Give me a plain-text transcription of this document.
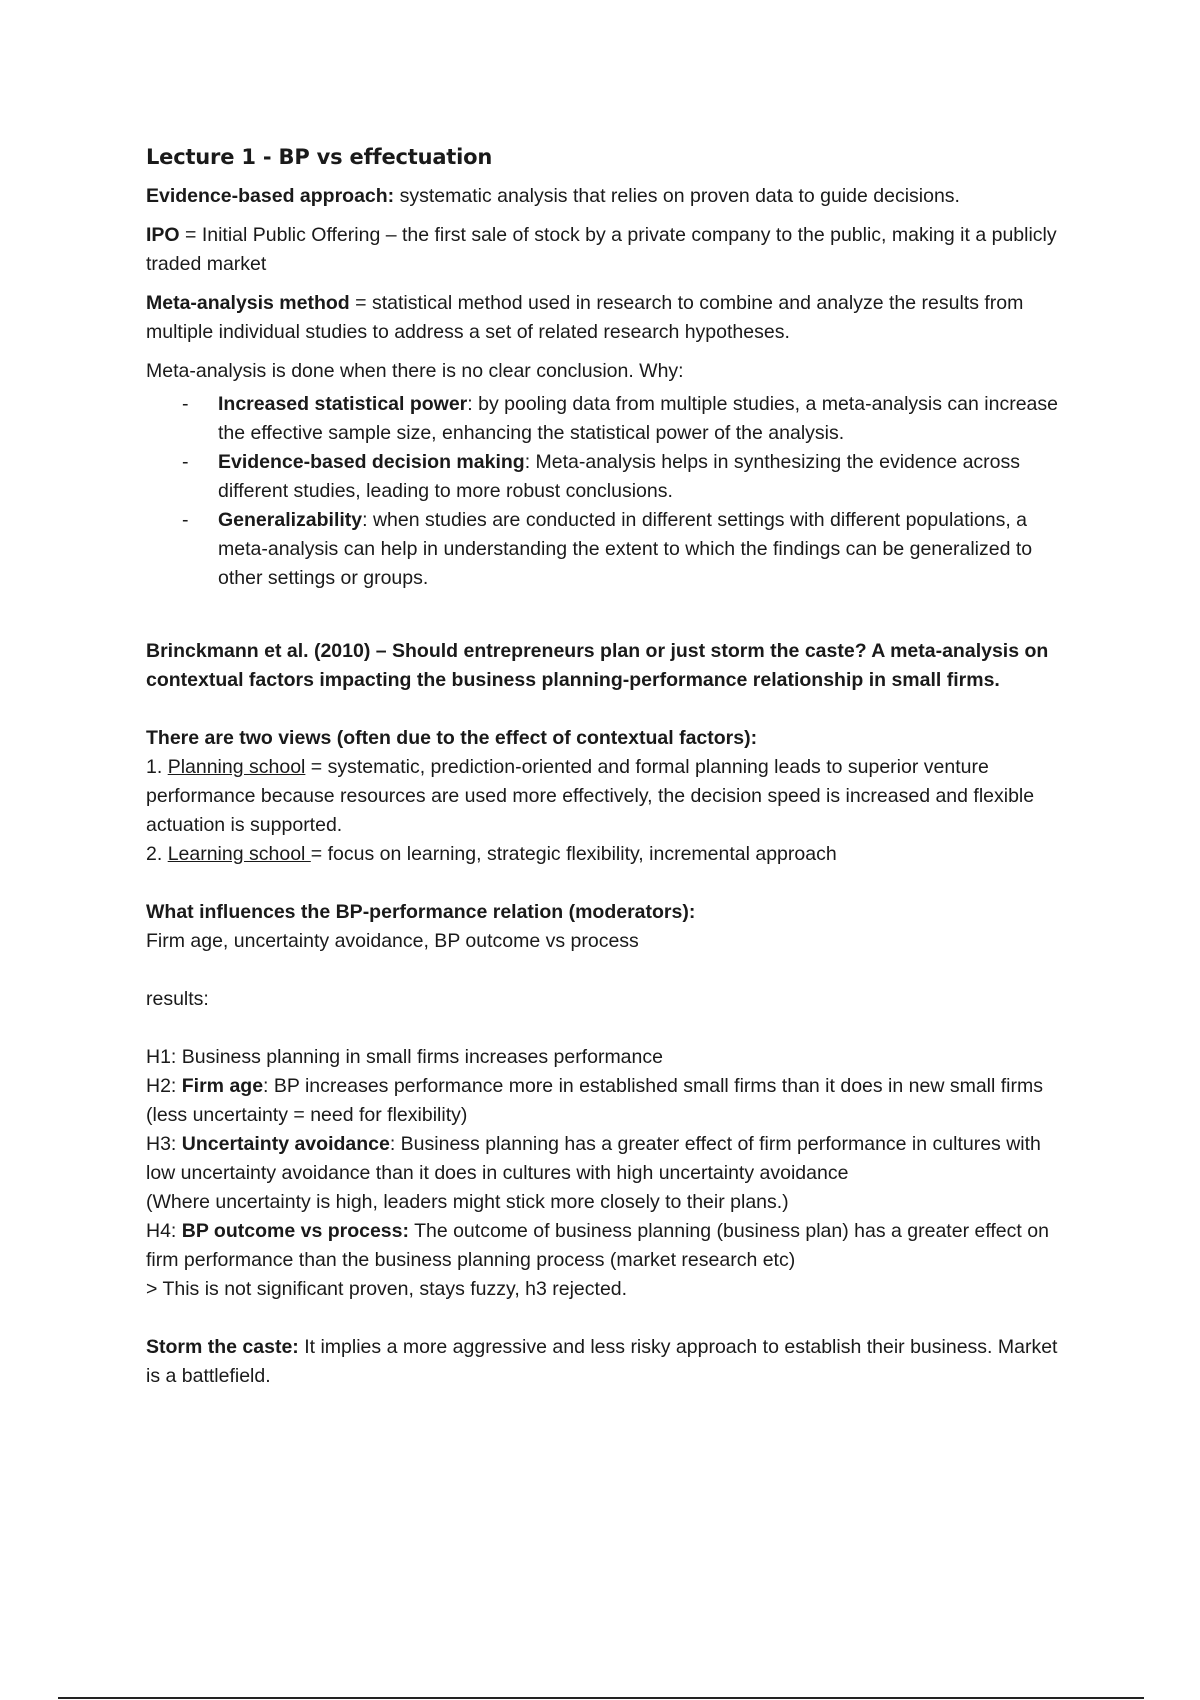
Lecture 1 - BP vs effectuation

Evidence-based approach: systematic analysis that relies on proven data to guide decisions.

IPO = Initial Public Offering – the first sale of stock by a private company to the public, making it a publicly traded market

Meta-analysis method = statistical method used in research to combine and analyze the results from multiple individual studies to address a set of related research hypotheses.

Meta-analysis is done when there is no clear conclusion. Why:

- Increased statistical power: by pooling data from multiple studies, a meta-analysis can increase the effective sample size, enhancing the statistical power of the analysis.
- Evidence-based decision making: Meta-analysis helps in synthesizing the evidence across different studies, leading to more robust conclusions.
- Generalizability: when studies are conducted in different settings with different populations, a meta-analysis can help in understanding the extent to which the findings can be generalized to other settings or groups.

Brinckmann et al. (2010) – Should entrepreneurs plan or just storm the caste? A meta-analysis on contextual factors impacting the business planning-performance relationship in small firms.

There are two views (often due to the effect of contextual factors):
1. Planning school = systematic, prediction-oriented and formal planning leads to superior venture performance because resources are used more effectively, the decision speed is increased and flexible actuation is supported.
2. Learning school = focus on learning, strategic flexibility, incremental approach
What influences the BP-performance relation (moderators):
Firm age, uncertainty avoidance, BP outcome vs process
results:
H1: Business planning in small firms increases performance
H2: Firm age: BP increases performance more in established small firms than it does in new small firms (less uncertainty = need for flexibility)
H3: Uncertainty avoidance: Business planning has a greater effect of firm performance in cultures with low uncertainty avoidance than it does in cultures with high uncertainty avoidance
(Where uncertainty is high, leaders might stick more closely to their plans.)
H4: BP outcome vs process: The outcome of business planning (business plan) has a greater effect on firm performance than the business planning process (market research etc)
> This is not significant proven, stays fuzzy, h3 rejected.

Storm the caste: It implies a more aggressive and less risky approach to establish their business. Market is a battlefield.
